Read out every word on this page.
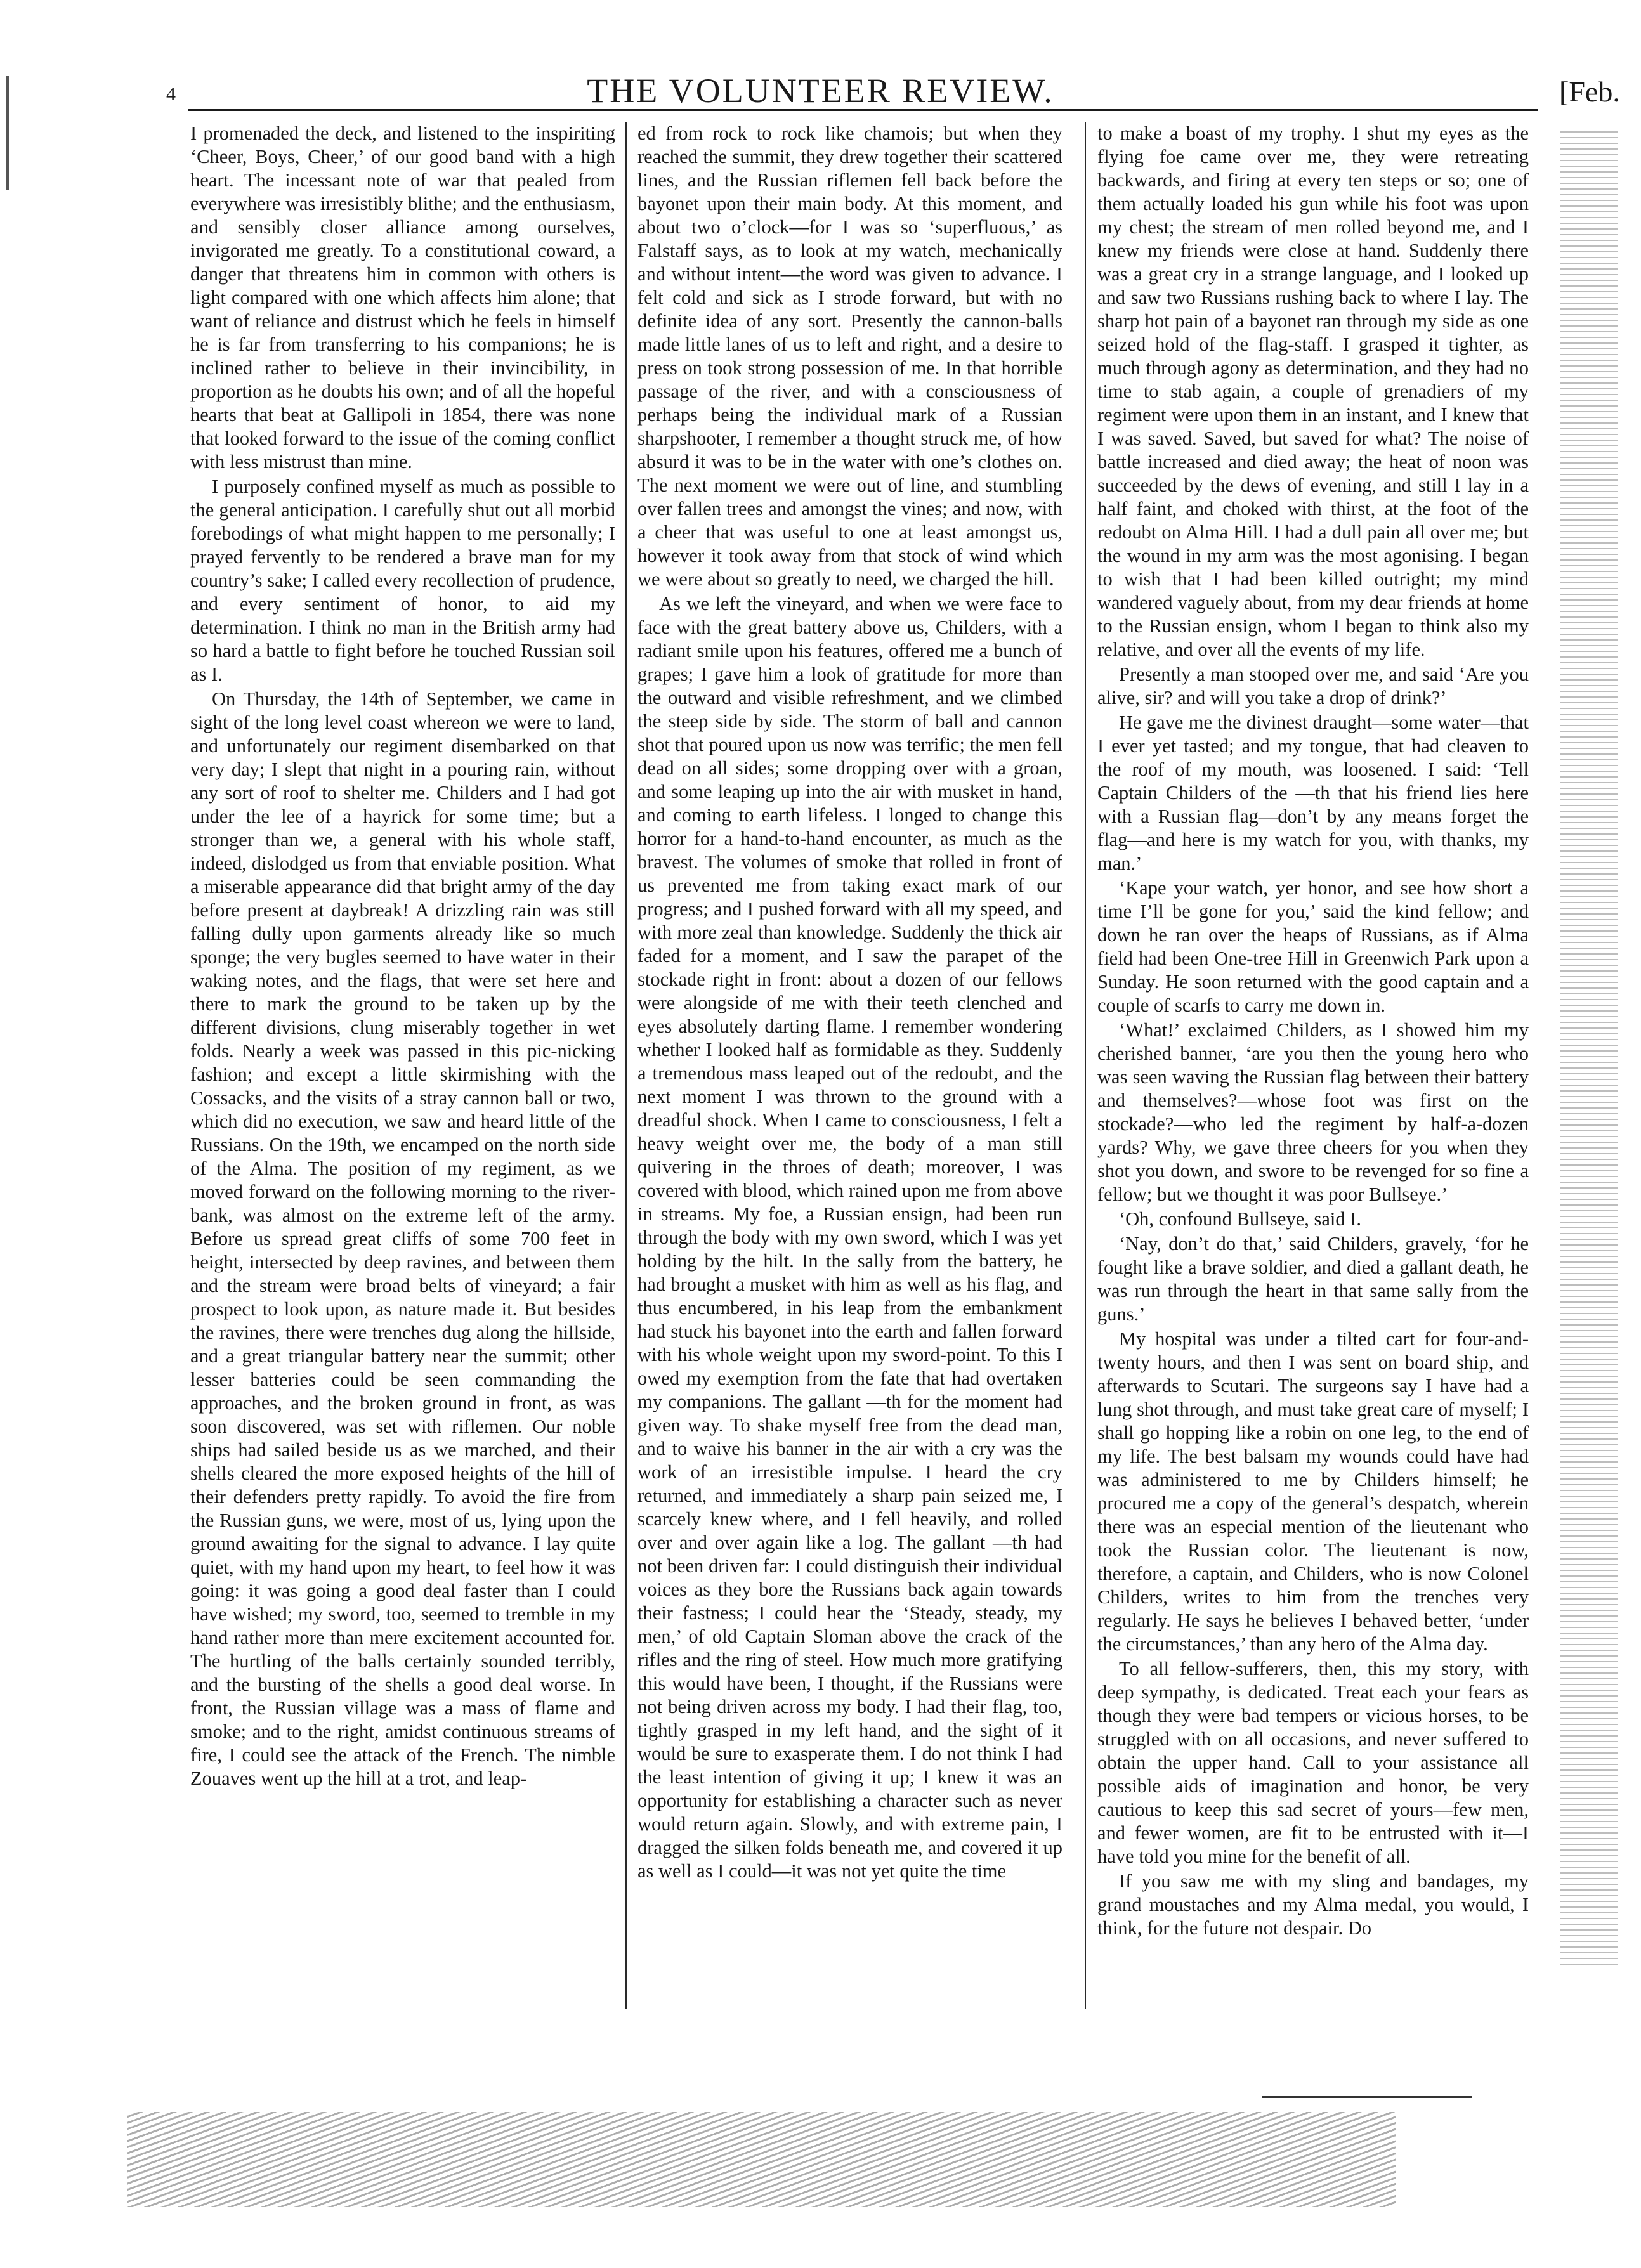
4	THE VOLUNTEER REVIEW.	[Feb.

I promenaded the deck, and listened to the inspiriting ‘Cheer, Boys, Cheer,’ of our good band with a high heart. The incessant note of war that pealed from everywhere was irresistibly blithe; and the enthusiasm, and sensibly closer alliance among ourselves, invigorated me greatly. To a constitutional coward, a danger that threatens him in common with others is light compared with one which affects him alone; that want of reliance and distrust which he feels in himself he is far from transferring to his companions; he is inclined rather to believe in their invincibility, in proportion as he doubts his own; and of all the hopeful hearts that beat at Gallipoli in 1854, there was none that looked forward to the issue of the coming conflict with less mistrust than mine.

I purposely confined myself as much as possible to the general anticipation. I carefully shut out all morbid forebodings of what might happen to me personally; I prayed fervently to be rendered a brave man for my country’s sake; I called every recollection of prudence, and every sentiment of honor, to aid my determination. I think no man in the British army had so hard a battle to fight before he touched Russian soil as I.

On Thursday, the 14th of September, we came in sight of the long level coast whereon we were to land, and unfortunately our regiment disembarked on that very day; I slept that night in a pouring rain, without any sort of roof to shelter me. Childers and I had got under the lee of a hayrick for some time; but a stronger than we, a general with his whole staff, indeed, dislodged us from that enviable position. What a miserable appearance did that bright army of the day before present at daybreak! A drizzling rain was still falling dully upon garments already like so much sponge; the very bugles seemed to have water in their waking notes, and the flags, that were set here and there to mark the ground to be taken up by the different divisions, clung miserably together in wet folds. Nearly a week was passed in this pic-nicking fashion; and except a little skirmishing with the Cossacks, and the visits of a stray cannon ball or two, which did no execution, we saw and heard little of the Russians. On the 19th, we encamped on the north side of the Alma. The position of my regiment, as we moved forward on the following morning to the river-bank, was almost on the extreme left of the army. Before us spread great cliffs of some 700 feet in height, intersected by deep ravines, and between them and the stream were broad belts of vineyard; a fair prospect to look upon, as nature made it. But besides the ravines, there were trenches dug along the hillside, and a great triangular battery near the summit; other lesser batteries could be seen commanding the approaches, and the broken ground in front, as was soon discovered, was set with riflemen. Our noble ships had sailed beside us as we marched, and their shells cleared the more exposed heights of the hill of their defenders pretty rapidly. To avoid the fire from the Russian guns, we were, most of us, lying upon the ground awaiting for the signal to advance. I lay quite quiet, with my hand upon my heart, to feel how it was going: it was going a good deal faster than I could have wished; my sword, too, seemed to tremble in my hand rather more than mere excitement accounted for. The hurtling of the balls certainly sounded terribly, and the bursting of the shells a good deal worse. In front, the Russian village was a mass of flame and smoke; and to the right, amidst continuous streams of fire, I could see the attack of the French. The nimble Zouaves went up the hill at a trot, and leap-

ed from rock to rock like chamois; but when they reached the summit, they drew together their scattered lines, and the Russian riflemen fell back before the bayonet upon their main body. At this moment, and about two o’clock—for I was so ‘superfluous,’ as Falstaff says, as to look at my watch, mechanically and without intent—the word was given to advance. I felt cold and sick as I strode forward, but with no definite idea of any sort. Presently the cannon-balls made little lanes of us to left and right, and a desire to press on took strong possession of me. In that horrible passage of the river, and with a consciousness of perhaps being the individual mark of a Russian sharpshooter, I remember a thought struck me, of how absurd it was to be in the water with one’s clothes on. The next moment we were out of line, and stumbling over fallen trees and amongst the vines; and now, with a cheer that was useful to one at least amongst us, however it took away from that stock of wind which we were about so greatly to need, we charged the hill.

As we left the vineyard, and when we were face to face with the great battery above us, Childers, with a radiant smile upon his features, offered me a bunch of grapes; I gave him a look of gratitude for more than the outward and visible refreshment, and we climbed the steep side by side. The storm of ball and cannon shot that poured upon us now was terrific; the men fell dead on all sides; some dropping over with a groan, and some leaping up into the air with musket in hand, and coming to earth lifeless. I longed to change this horror for a hand-to-hand encounter, as much as the bravest. The volumes of smoke that rolled in front of us prevented me from taking exact mark of our progress; and I pushed forward with all my speed, and with more zeal than knowledge. Suddenly the thick air faded for a moment, and I saw the parapet of the stockade right in front: about a dozen of our fellows were alongside of me with their teeth clenched and eyes absolutely darting flame. I remember wondering whether I looked half as formidable as they. Suddenly a tremendous mass leaped out of the redoubt, and the next moment I was thrown to the ground with a dreadful shock. When I came to consciousness, I felt a heavy weight over me, the body of a man still quivering in the throes of death; moreover, I was covered with blood, which rained upon me from above in streams. My foe, a Russian ensign, had been run through the body with my own sword, which I was yet holding by the hilt. In the sally from the battery, he had brought a musket with him as well as his flag, and thus encumbered, in his leap from the embankment had stuck his bayonet into the earth and fallen forward with his whole weight upon my sword-point. To this I owed my exemption from the fate that had overtaken my companions. The gallant —th for the moment had given way. To shake myself free from the dead man, and to waive his banner in the air with a cry was the work of an irresistible impulse. I heard the cry returned, and immediately a sharp pain seized me, I scarcely knew where, and I fell heavily, and rolled over and over again like a log. The gallant —th had not been driven far: I could distinguish their individual voices as they bore the Russians back again towards their fastness; I could hear the ‘Steady, steady, my men,’ of old Captain Sloman above the crack of the rifles and the ring of steel. How much more gratifying this would have been, I thought, if the Russians were not being driven across my body. I had their flag, too, tightly grasped in my left hand, and the sight of it would be sure to exasperate them. I do not think I had the least intention of giving it up; I knew it was an opportunity for establishing a character such as never would return again. Slowly, and with extreme pain, I dragged the silken folds beneath me, and covered it up as well as I could—it was not yet quite the time

to make a boast of my trophy. I shut my eyes as the flying foe came over me, they were retreating backwards, and firing at every ten steps or so; one of them actually loaded his gun while his foot was upon my chest; the stream of men rolled beyond me, and I knew my friends were close at hand. Suddenly there was a great cry in a strange language, and I looked up and saw two Russians rushing back to where I lay. The sharp hot pain of a bayonet ran through my side as one seized hold of the flag-staff. I grasped it tighter, as much through agony as determination, and they had no time to stab again, a couple of grenadiers of my regiment were upon them in an instant, and I knew that I was saved. Saved, but saved for what? The noise of battle increased and died away; the heat of noon was succeeded by the dews of evening, and still I lay in a half faint, and choked with thirst, at the foot of the redoubt on Alma Hill. I had a dull pain all over me; but the wound in my arm was the most agonising. I began to wish that I had been killed outright; my mind wandered vaguely about, from my dear friends at home to the Russian ensign, whom I began to think also my relative, and over all the events of my life.

Presently a man stooped over me, and said ‘Are you alive, sir? and will you take a drop of drink?’

He gave me the divinest draught—some water—that I ever yet tasted; and my tongue, that had cleaven to the roof of my mouth, was loosened. I said: ‘Tell Captain Childers of the —th that his friend lies here with a Russian flag—don’t by any means forget the flag—and here is my watch for you, with thanks, my man.’

‘Kape your watch, yer honor, and see how short a time I’ll be gone for you,’ said the kind fellow; and down he ran over the heaps of Russians, as if Alma field had been One-tree Hill in Greenwich Park upon a Sunday. He soon returned with the good captain and a couple of scarfs to carry me down in.

‘What!’ exclaimed Childers, as I showed him my cherished banner, ‘are you then the young hero who was seen waving the Russian flag between their battery and themselves?—whose foot was first on the stockade?—who led the regiment by half-a-dozen yards? Why, we gave three cheers for you when they shot you down, and swore to be revenged for so fine a fellow; but we thought it was poor Bullseye.’

‘Oh, confound Bullseye, said I.

‘Nay, don’t do that,’ said Childers, gravely, ‘for he fought like a brave soldier, and died a gallant death, he was run through the heart in that same sally from the guns.’

My hospital was under a tilted cart for four-and-twenty hours, and then I was sent on board ship, and afterwards to Scutari. The surgeons say I have had a lung shot through, and must take great care of myself; I shall go hopping like a robin on one leg, to the end of my life. The best balsam my wounds could have had was administered to me by Childers himself; he procured me a copy of the general’s despatch, wherein there was an especial mention of the lieutenant who took the Russian color. The lieutenant is now, therefore, a captain, and Childers, who is now Colonel Childers, writes to him from the trenches very regularly. He says he believes I behaved better, ‘under the circumstances,’ than any hero of the Alma day.

To all fellow-sufferers, then, this my story, with deep sympathy, is dedicated. Treat each your fears as though they were bad tempers or vicious horses, to be struggled with on all occasions, and never suffered to obtain the upper hand. Call to your assistance all possible aids of imagination and honor, be very cautious to keep this sad secret of yours—few men, and fewer women, are fit to be entrusted with it—I have told you mine for the benefit of all.

If you saw me with my sling and bandages, my grand moustaches and my Alma medal, you would, I think, for the future not despair. Do
